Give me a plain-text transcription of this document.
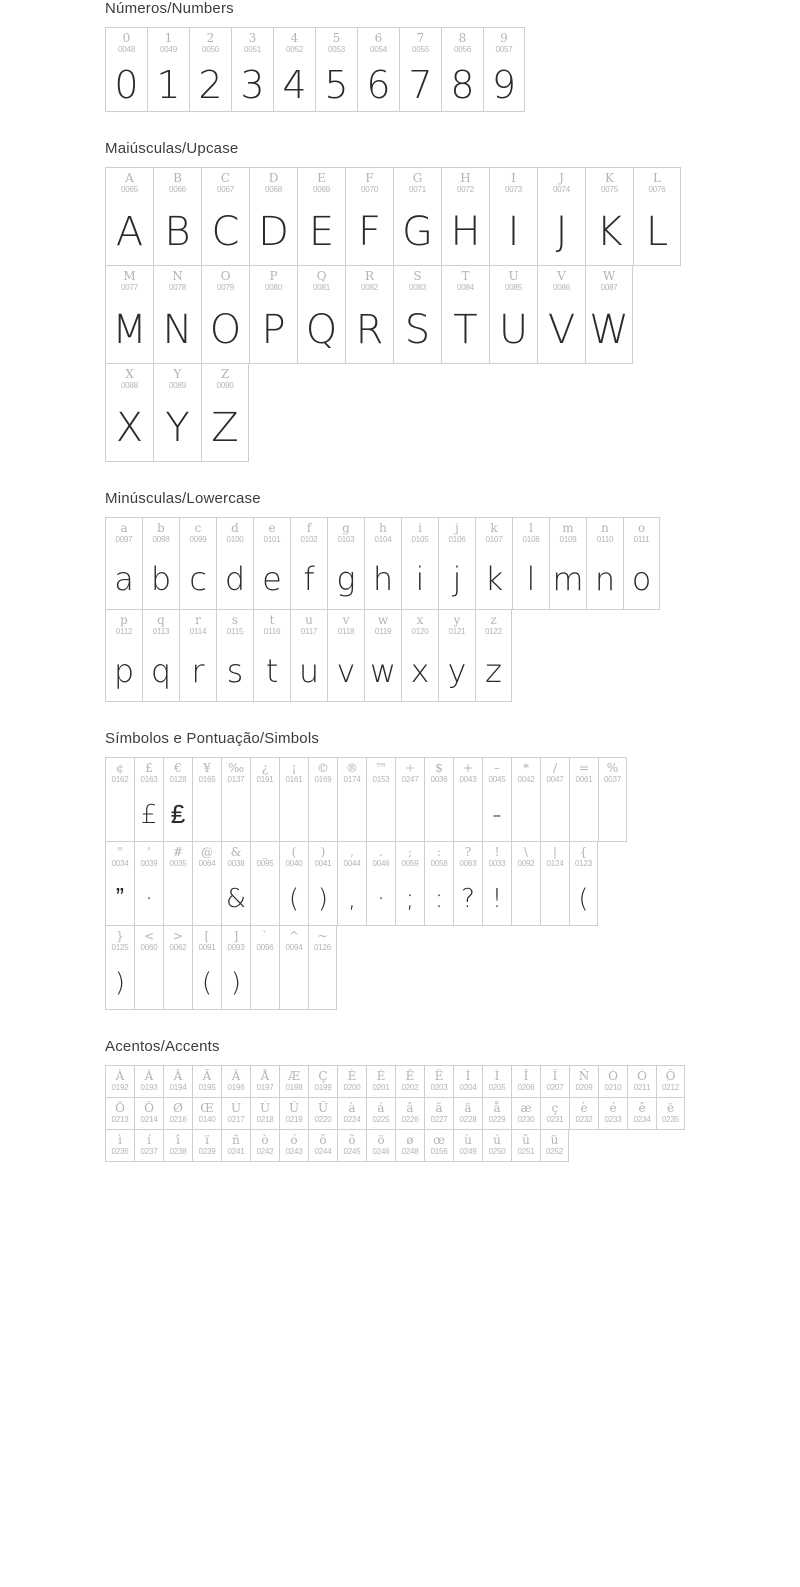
Números/Numbers
0
0048
0
1
0049
1
2
0050
2
3
0051
3
4
0052
4
5
0053
5
6
0054
6
7
0055
7
8
0056
8
9
0057
9
Maiúsculas/Upcase
A
0065
A
B
0066
B
C
0067
C
D
0068
D
E
0069
E
F
0070
F
G
0071
G
H
0072
H
I
0073
I
J
0074
J
K
0075
K
L
0076
L
M
0077
M
N
0078
N
O
0079
O
P
0080
P
Q
0081
Q
R
0082
R
S
0083
S
T
0084
T
U
0085
U
V
0086
V
W
0087
W
X
0088
X
Y
0089
Y
Z
0090
Z
Minúsculas/Lowercase
a
0097
a
b
0098
b
c
0099
c
d
0100
d
e
0101
e
f
0102
f
g
0103
g
h
0104
h
i
0105
i
j
0106
j
k
0107
k
l
0108
l
m
0109
m
n
0110
n
o
0111
o
p
0112
p
q
0113
q
r
0114
r
s
0115
s
t
0116
t
u
0117
u
v
0118
v
w
0119
w
x
0120
x
y
0121
y
z
0122
z
Símbolos e Pontuação/Simbols
¢
0162
£
0163
£
€
0128
₤
¥
0165
‰
0137
¿
0191
¡
0161
©
0169
®
0174
™
0153
÷
0247
$
0036
+
0043
–
0045
-
*
0042
/
0047
=
0061
%
0037
"
0034
ˮ
'
0039
·
#
0035
@
0064
&
0038
&
_
0095
(
0040
(
)
0041
)
,
0044
,
.
0046
·
;
0059
;
:
0058
:
?
0063
?
!
0033
!
\
0092
|
0124
{
0123
(
}
0125
)
<
0060
>
0062
[
0091
(
]
0093
)
`
0096
^
0094
~
0126
Acentos/Accents
À
0192
Á
0193
Â
0194
Ã
0195
Ä
0196
Å
0197
Æ
0198
Ç
0199
È
0200
É
0201
Ê
0202
Ë
0203
Ì
0204
Í
0205
Î
0206
Ï
0207
Ñ
0209
Ò
0210
Ó
0211
Ô
0212
Õ
0213
Ö
0214
Ø
0216
Œ
0140
Ù
0217
Ú
0218
Û
0219
Ü
0220
à
0224
á
0225
â
0226
ã
0227
ä
0228
å
0229
æ
0230
ç
0231
è
0232
é
0233
ê
0234
ë
0235
ì
0236
í
0237
î
0238
ï
0239
ñ
0241
ò
0242
ó
0243
ô
0244
õ
0245
ö
0246
ø
0248
œ
0156
ù
0249
ú
0250
û
0251
ü
0252
